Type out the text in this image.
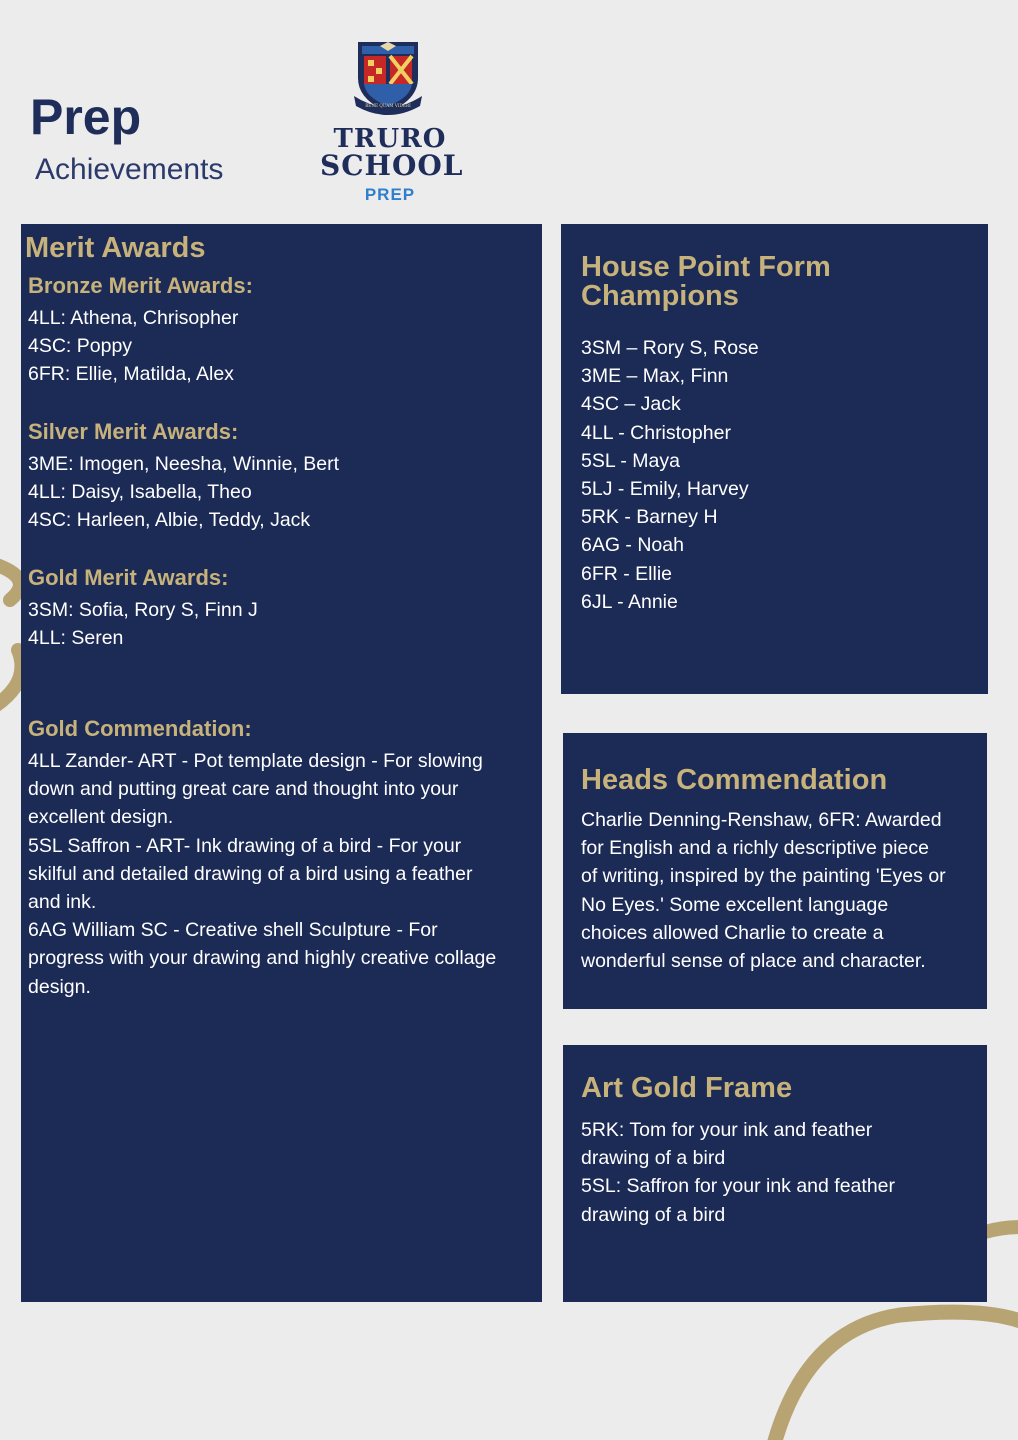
Prep
Achievements
BENE QUAM VIDERI
TRURO
SCHOOL
PREP
Merit Awards
Bronze Merit Awards:
4LL: Athena, Chrisopher
4SC: Poppy
6FR: Ellie, Matilda, Alex
Silver Merit Awards:
3ME: Imogen, Neesha, Winnie, Bert
4LL: Daisy, Isabella, Theo
4SC: Harleen, Albie, Teddy, Jack
Gold Merit Awards:
3SM: Sofia, Rory S, Finn J
4LL: Seren
Gold Commendation:
4LL Zander- ART - Pot template design - For slowing
down and putting great care and thought into your
excellent design.
5SL Saffron - ART- Ink drawing of a bird - For your
skilful and detailed drawing of a bird using a feather
and ink.
6AG William SC - Creative shell Sculpture - For
progress with your drawing and highly creative collage
design.
House Point Form
Champions
3SM – Rory S, Rose
3ME – Max, Finn
4SC – Jack
4LL - Christopher
5SL - Maya
5LJ - Emily, Harvey
5RK - Barney H
6AG - Noah
6FR - Ellie
6JL - Annie
Heads Commendation
Charlie Denning-Renshaw, 6FR: Awarded
for English and a richly descriptive piece
of writing, inspired by the painting 'Eyes or
No Eyes.' Some excellent language
choices allowed Charlie to create a
wonderful sense of place and character.
Art Gold Frame
5RK: Tom for your ink and feather
drawing of a bird
5SL: Saffron for your ink and feather
drawing of a bird
